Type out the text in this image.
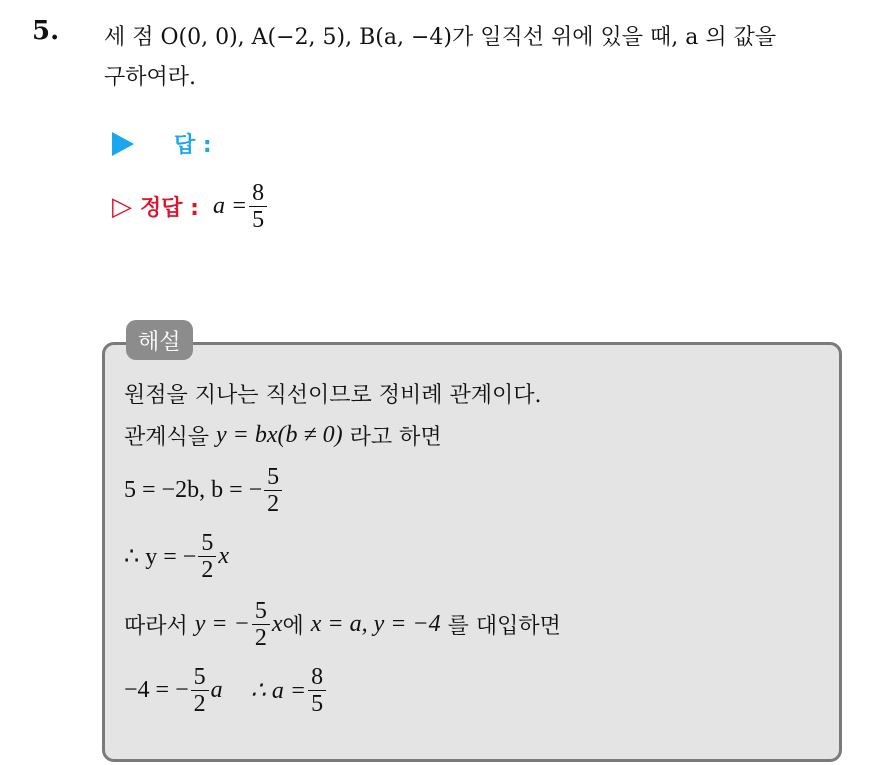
5. 세 점 O(0, 0), A(−2, 5), B(a, −4)가 일직선 위에 있을 때, a 의 값을
구하여라.
답 :
▷ 정답 : $a = \frac{8}{5}$
해설
원점을 지나는 직선이므로 정비례 관계이다.
관계식을
y = bx(b ≠ 0)
라고 하면
5 = −2b, b = − $\frac{5}{2}$
∴ y = − $\frac{5}{2}$ x
따라서
y = − $\frac{5}{2}$ x 에
x = a, y = −4
를 대입하면
−4 = − $\frac{5}{2}$ a ∴ $a = \frac{8}{5}$
